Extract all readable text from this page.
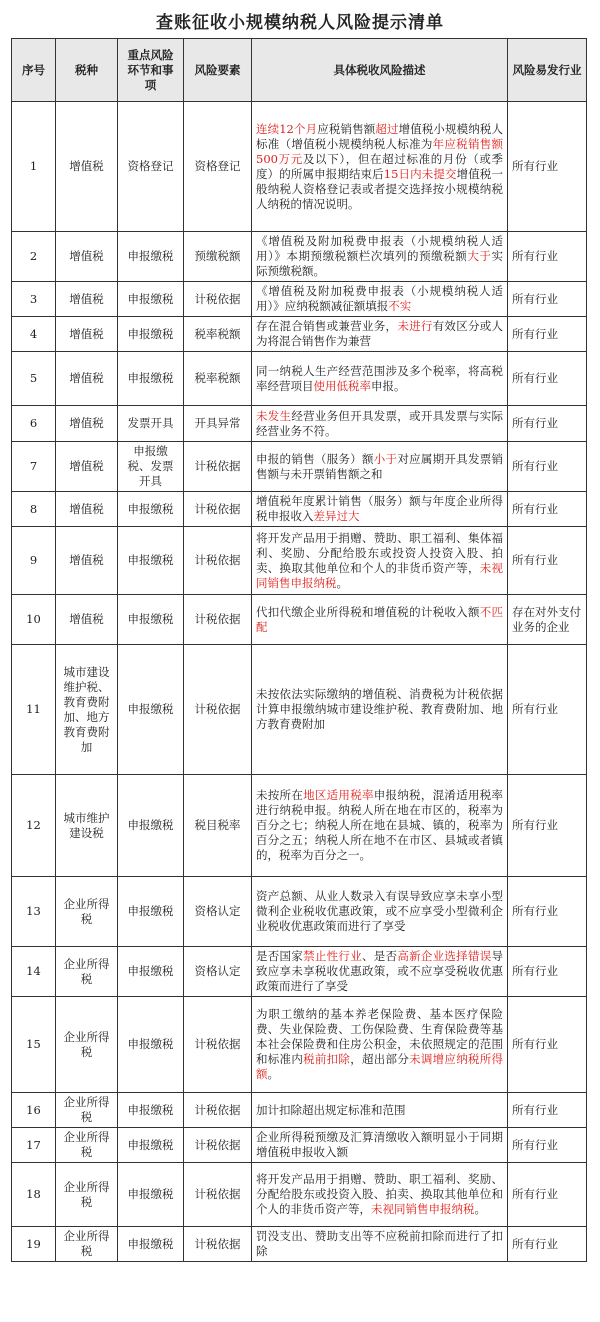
查账征收小规模纳税人风险提示清单
序号	税种	重点风险环节和事项	风险要素	具体税收风险描述	风险易发行业
1	增值税	资格登记	资格登记	连续12个月应税销售额超过增值税小规模纳税人标准（增值税小规模纳税人标准为年应税销售额500万元及以下），但在超过标准的月份（或季度）的所属申报期结束后15日内未提交增值税一般纳税人资格登记表或者提交选择按小规模纳税人纳税的情况说明。	所有行业
2	增值税	申报缴税	预缴税额	《增值税及附加税费申报表（小规模纳税人适用）》本期预缴税额栏次填列的预缴税额大于实际预缴税额。	所有行业
3	增值税	申报缴税	计税依据	《增值税及附加税费申报表（小规模纳税人适用）》应纳税额减征额填报不实	所有行业
4	增值税	申报缴税	税率税额	存在混合销售或兼营业务，未进行有效区分或人为将混合销售作为兼营	所有行业
5	增值税	申报缴税	税率税额	同一纳税人生产经营范围涉及多个税率，将高税率经营项目使用低税率申报。	所有行业
6	增值税	发票开具	开具异常	未发生经营业务但开具发票，或开具发票与实际经营业务不符。	所有行业
7	增值税	申报缴税、发票开具	计税依据	申报的销售（服务）额小于对应属期开具发票销售额与未开票销售额之和	所有行业
8	增值税	申报缴税	计税依据	增值税年度累计销售（服务）额与年度企业所得税申报收入差异过大	所有行业
9	增值税	申报缴税	计税依据	将开发产品用于捐赠、赞助、职工福利、集体福利、奖励、分配给股东或投资人投资入股、拍卖、换取其他单位和个人的非货币资产等，未视同销售申报纳税。	所有行业
10	增值税	申报缴税	计税依据	代扣代缴企业所得税和增值税的计税收入额不匹配	存在对外支付业务的企业
11	城市建设维护税、教育费附加、地方教育费附加	申报缴税	计税依据	未按依法实际缴纳的增值税、消费税为计税依据计算申报缴纳城市建设维护税、教育费附加、地方教育费附加	所有行业
12	城市维护建设税	申报缴税	税目税率	未按所在地区适用税率申报纳税，混淆适用税率进行纳税申报。纳税人所在地在市区的，税率为百分之七；纳税人所在地在县城、镇的，税率为百分之五；纳税人所在地不在市区、县城或者镇的，税率为百分之一。	所有行业
13	企业所得税	申报缴税	资格认定	资产总额、从业人数录入有误导致应享未享小型微利企业税收优惠政策，或不应享受小型微利企业税收优惠政策而进行了享受	所有行业
14	企业所得税	申报缴税	资格认定	是否国家禁止性行业、是否高新企业选择错误导致应享未享税收优惠政策，或不应享受税收优惠政策而进行了享受	所有行业
15	企业所得税	申报缴税	计税依据	为职工缴纳的基本养老保险费、基本医疗保险费、失业保险费、工伤保险费、生育保险费等基本社会保险费和住房公积金，未依照规定的范围和标准内税前扣除，超出部分未调增应纳税所得额。	所有行业
16	企业所得税	申报缴税	计税依据	加计扣除超出规定标准和范围	所有行业
17	企业所得税	申报缴税	计税依据	企业所得税预缴及汇算清缴收入额明显小于同期增值税申报收入额	所有行业
18	企业所得税	申报缴税	计税依据	将开发产品用于捐赠、赞助、职工福利、奖励、分配给股东或投资入股、拍卖、换取其他单位和个人的非货币资产等，未视同销售申报纳税。	所有行业
19	企业所得税	申报缴税	计税依据	罚没支出、赞助支出等不应税前扣除而进行了扣除	所有行业
